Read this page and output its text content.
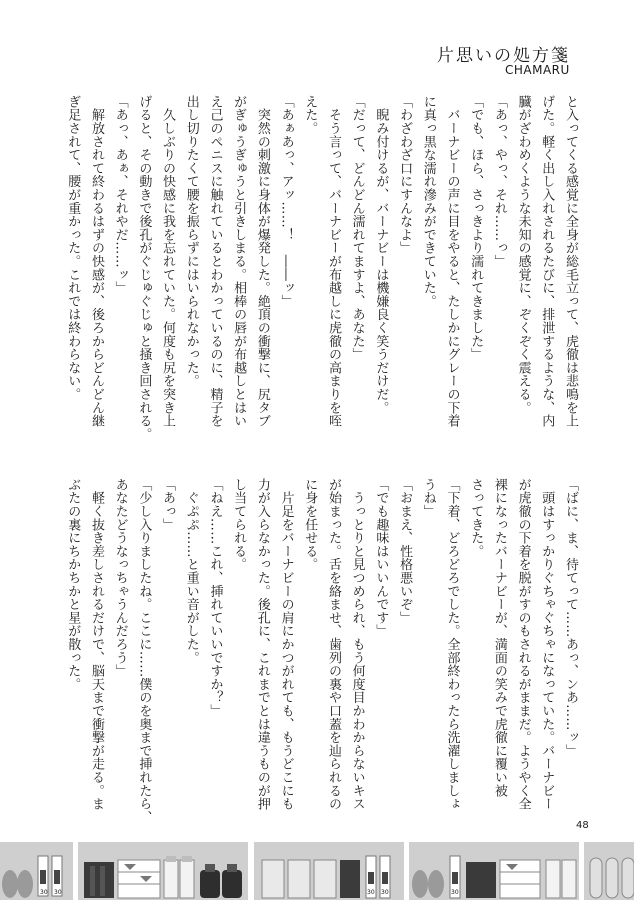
片思いの処方箋
CHAMARU

と入ってくる感覚に全身が総毛立って、虎徹は悲鳴を上

げた。軽く出し入れされるたびに、排泄するような、内

臓がざわめくような未知の感覚に、ぞくぞく震える。

「あっ、やっ、それ……っ」

「でも、ほら、さっきより濡れてきました」

　バーナビーの声に目をやると、たしかにグレーの下着

に真っ黒な濡れ滲みができていた。

「わざわざ口にすんなよ」

　睨み付けるが、バーナビーは機嫌良く笑うだけだ。

「だって、どんどん濡れてますよ、あなた」

　そう言って、バーナビーが布越しに虎徹の高まりを咥

えた。

「あぁあっ、アッ……！　――ッ」

　突然の刺激に身体が爆発した。絶頂の衝撃に、尻タブ

がぎゅうぎゅうと引きしまる。相棒の唇が布越しとはい

え己のペニスに触れているとわかっているのに、精子を

出し切りたくて腰を振らずにはいられなかった。

　久しぶりの快感に我を忘れていた。何度も尻を突き上

げると、その動きで後孔がぐじゅぐじゅと掻き回される。

「あっ、あぁ、それやだ……ッ」

　解放されて終わるはずの快感が、後ろからどんどん継

ぎ足されて、腰が重かった。これでは終わらない。

「ばに、ま、待てって……あっ、ンあ……ッ」

　頭はすっかりぐちゃぐちゃになっていた。バーナビー

が虎徹の下着を脱がすのもされるがままだ。ようやく全

裸になったバーナビーが、満面の笑みで虎徹に覆い被

さってきた。

「下着、どろどろでした。全部終わったら洗濯しましょ

うね」

「おまえ、性格悪いぞ」

「でも趣味はいいんです」

　うっとりと見つめられ、もう何度目かわからないキス

が始まった。舌を絡ませ、歯列の裏や口蓋を辿られるの

に身を任せる。

　片足をバーナビーの肩にかつがれても、もうどこにも

力が入らなかった。後孔に、これまでとは違うものが押

し当てられる。

「ねえ……これ、挿れていいですか？」

　ぐぷぷ……と重い音がした。

「あっ」

「少し入りましたね。ここに……僕のを奥まで挿れたら、

あなたどうなっちゃうんだろう」

　軽く抜き差しされるだけで、脳天まで衝撃が走る。ま

ぶたの裏にちかちかと星が散った。

48
30 30	30 30	30
